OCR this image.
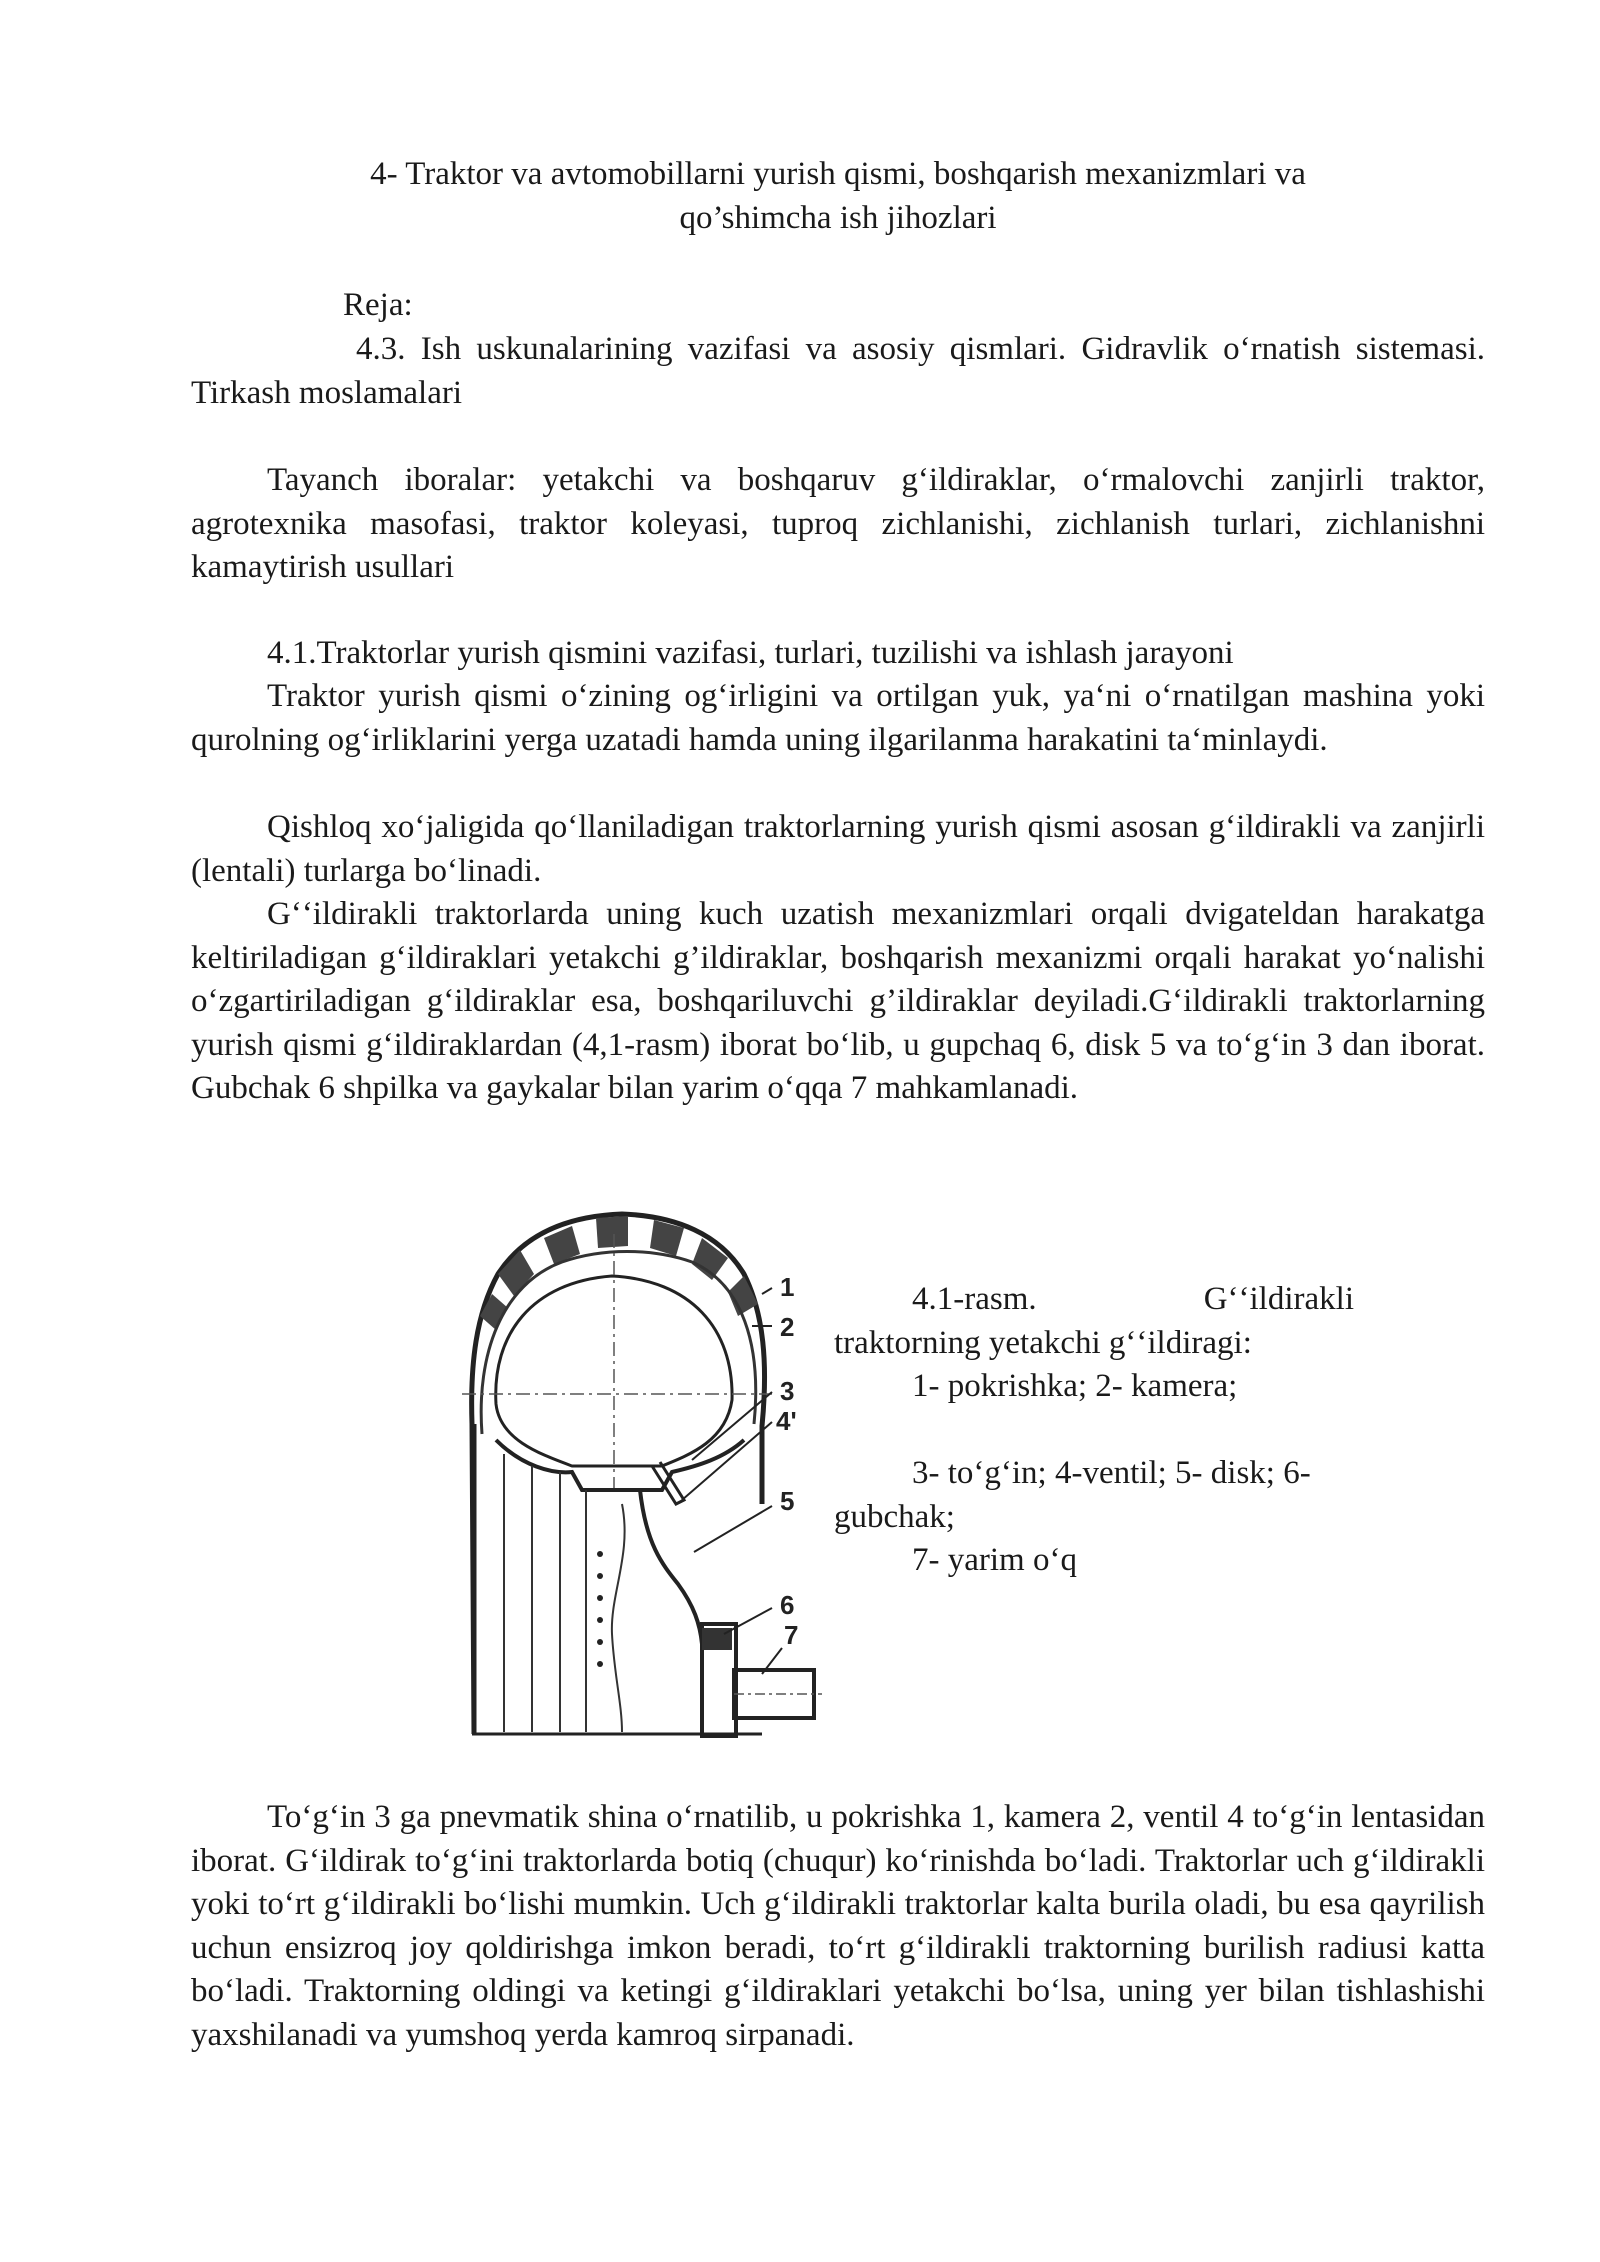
4- Traktor va avtomobillarni yurish qismi, boshqarish mexanizmlari va
qo’shimcha ish jihozlari

Reja:

4.3. Ish uskunalarining vazifasi va asosiy qismlari. Gidravlik oʻrnatish sistemasi. Tirkash moslamalari

Tayanch iboralar: yetakchi va boshqaruv gʻildiraklar, oʻrmalovchi zanjirli traktor, agrotexnika masofasi, traktor koleyasi, tuproq zichlanishi, zichlanish turlari, zichlanishni kamaytirish usullari

4.1.Traktorlar yurish qismini vazifasi, turlari, tuzilishi va ishlash jarayoni

Traktor yurish qismi oʻzining ogʻirligini va ortilgan yuk, yaʻni oʻrnatilgan mashina yoki qurolning ogʻirliklarini yerga uzatadi hamda uning ilgarilanma harakatini taʻminlaydi.

Qishloq xoʻjaligida qoʻllaniladigan traktorlarning yurish qismi asosan gʻildirakli va zanjirli (lentali) turlarga boʻlinadi.

Gʻʻildirakli traktorlarda uning kuch uzatish mexanizmlari orqali dvigateldan harakatga keltiriladigan gʻildiraklari yetakchi g’ildiraklar, boshqarish mexanizmi orqali harakat yoʻnalishi oʻzgartiriladigan gʻildiraklar esa, boshqariluvchi g’ildiraklar deyiladi.Gʻildirakli traktorlarning yurish qismi gʻildiraklardan (4,1-rasm) iborat boʻlib, u gupchaq 6, disk 5 va toʻgʻin 3 dan iborat. Gubchak 6 shpilka va gaykalar bilan yarim oʻqqa 7 mahkamlanadi.

1
2
3
4'
5
6
7

4.1-rasm.	Gʻʻildirakli

traktorning yetakchi gʻʻildiragi:

1- pokrishka; 2- kamera;

3- toʻgʻin; 4-ventil; 5- disk; 6-

gubchak;

7- yarim oʻq

Toʻgʻin 3 ga pnevmatik shina oʻrnatilib, u pokrishka 1, kamera 2, ventil 4 toʻgʻin lentasidan iborat. Gʻildirak toʻgʻini traktorlarda botiq (chuqur) koʻrinishda boʻladi. Traktorlar uch gʻildirakli yoki toʻrt gʻildirakli boʻlishi mumkin. Uch gʻildirakli traktorlar kalta burila oladi, bu esa qayrilish uchun ensizroq joy qoldirishga imkon beradi, toʻrt gʻildirakli traktorning burilish radiusi katta boʻladi. Traktorning oldingi va ketingi gʻildiraklari yetakchi boʻlsa, uning yer bilan tishlashishi yaxshilanadi va yumshoq yerda kamroq sirpanadi.
